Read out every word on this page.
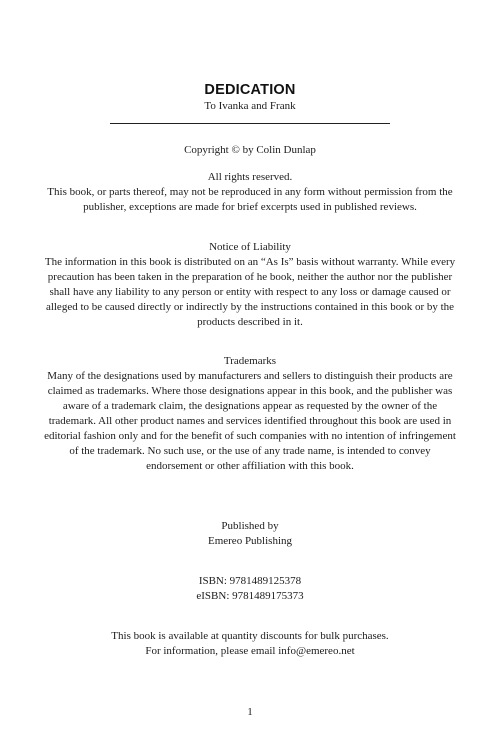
DEDICATION
To Ivanka and Frank

Copyright © by Colin Dunlap

All rights reserved.

This book, or parts thereof, may not be reproduced in any form without permission from the publisher, exceptions are made for brief excerpts used in published reviews.

Notice of Liability

The information in this book is distributed on an “As Is” basis without warranty. While every precaution has been taken in the preparation of he book, neither the author nor the publisher shall have any liability to any person or entity with respect to any loss or damage caused or alleged to be caused directly or indirectly by the instructions contained in this book or by the products described in it.

Trademarks

Many of the designations used by manufacturers and sellers to distinguish their products are claimed as trademarks. Where those designations appear in this book, and the publisher was aware of a trademark claim, the designations appear as requested by the owner of the trademark. All other product names and services identified throughout this book are used in editorial fashion only and for the benefit of such companies with no intention of infringement of the trademark. No such use, or the use of any trade name, is intended to convey endorsement or other affiliation with this book.

Published by

Emereo Publishing

ISBN: 9781489125378

eISBN: 9781489175373

This book is available at quantity discounts for bulk purchases.

For information, please email info@emereo.net

1
